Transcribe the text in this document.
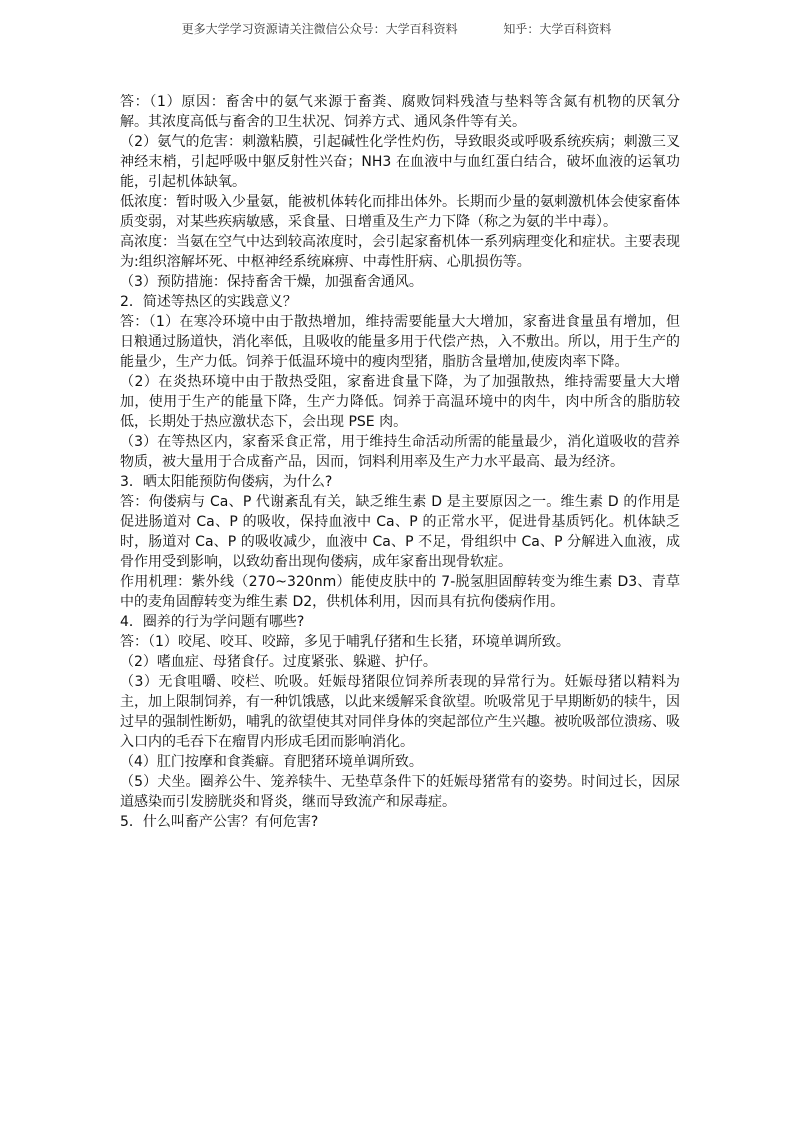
更多大学学习资源请关注微信公众号：大学百科资料	知乎：大学百科资料

答：（1）原因：畜舍中的氨气来源于畜粪、腐败饲料残渣与垫料等含氮有机物的厌氧分解。其浓度高低与畜舍的卫生状况、饲养方式、通风条件等有关。

（2）氨气的危害：刺激粘膜，引起碱性化学性灼伤，导致眼炎或呼吸系统疾病；刺激三叉神经末梢，引起呼吸中躯反射性兴奋；NH3 在血液中与血红蛋白结合，破坏血液的运氧功能，引起机体缺氧。

低浓度：暂时吸入少量氨，能被机体转化而排出体外。长期而少量的氨刺激机体会使家畜体质变弱，对某些疾病敏感，采食量、日增重及生产力下降（称之为氨的半中毒）。

高浓度：当氨在空气中达到较高浓度时，会引起家畜机体一系列病理变化和症状。主要表现为:组织溶解坏死、中枢神经系统麻痹、中毒性肝病、心肌损伤等。

（3）预防措施：保持畜舍干燥，加强畜舍通风。

2．简述等热区的实践意义？

答：（1）在寒冷环境中由于散热增加，维持需要能量大大增加，家畜进食量虽有增加，但日粮通过肠道快，消化率低，且吸收的能量多用于代偿产热，入不敷出。所以，用于生产的能量少，生产力低。饲养于低温环境中的瘦肉型猪，脂肪含量增加,使废肉率下降。

（2）在炎热环境中由于散热受阻，家畜进食量下降，为了加强散热，维持需要量大大增加，使用于生产的能量下降，生产力降低。饲养于高温环境中的肉牛，肉中所含的脂肪较低，长期处于热应激状态下，会出现 PSE 肉。

（3）在等热区内，家畜采食正常，用于维持生命活动所需的能量最少，消化道吸收的营养物质，被大量用于合成畜产品，因而，饲料利用率及生产力水平最高、最为经济。

3．晒太阳能预防佝偻病，为什么?

答：佝偻病与 Ca、P 代谢紊乱有关，缺乏维生素 D 是主要原因之一。维生素 D 的作用是促进肠道对 Ca、P 的吸收，保持血液中 Ca、P 的正常水平，促进骨基质钙化。机体缺乏时，肠道对 Ca、P 的吸收减少，血液中 Ca、P 不足，骨组织中 Ca、P 分解进入血液，成骨作用受到影响，以致幼畜出现佝偻病，成年家畜出现骨软症。

作用机理：紫外线（270~320nm）能使皮肤中的 7-脱氢胆固醇转变为维生素 D3、青草中的麦角固醇转变为维生素 D2，供机体利用，因而具有抗佝偻病作用。

4．圈养的行为学问题有哪些?

答：（1）咬尾、咬耳、咬蹄，多见于哺乳仔猪和生长猪，环境单调所致。

（2）嗜血症、母猪食仔。过度紧张、躲避、护仔。

（3）无食咀嚼、咬栏、吮吸。妊娠母猪限位饲养所表现的异常行为。妊娠母猪以精料为主，加上限制饲养，有一种饥饿感，以此来缓解采食欲望。吮吸常见于早期断奶的犊牛，因过早的强制性断奶，哺乳的欲望使其对同伴身体的突起部位产生兴趣。被吮吸部位溃疡、吸入口内的毛吞下在瘤胃内形成毛团而影响消化。

（4）肛门按摩和食粪癖。育肥猪环境单调所致。

（5）犬坐。圈养公牛、笼养犊牛、无垫草条件下的妊娠母猪常有的姿势。时间过长，因尿道感染而引发膀胱炎和肾炎，继而导致流产和尿毒症。

5．什么叫畜产公害？有何危害?
